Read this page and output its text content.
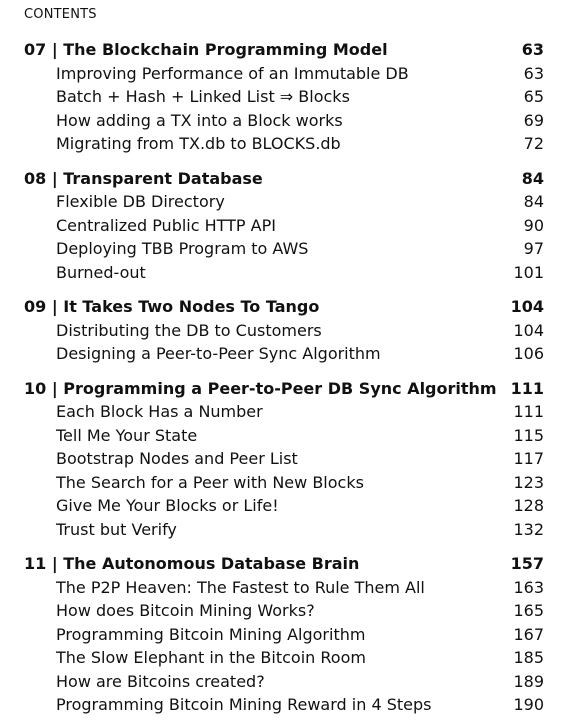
CONTENTS
07 | The Blockchain Programming Model	63
Improving Performance of an Immutable DB	63
Batch + Hash + Linked List ⇒ Blocks	65
How adding a TX into a Block works	69
Migrating from TX.db to BLOCKS.db	72
08 | Transparent Database	84
Flexible DB Directory	84
Centralized Public HTTP API	90
Deploying TBB Program to AWS	97
Burned-out	101
09 | It Takes Two Nodes To Tango	104
Distributing the DB to Customers	104
Designing a Peer-to-Peer Sync Algorithm	106
10 | Programming a Peer-to-Peer DB Sync Algorithm 111
Each Block Has a Number	111
Tell Me Your State	115
Bootstrap Nodes and Peer List	117
The Search for a Peer with New Blocks	123
Give Me Your Blocks or Life!	128
Trust but Verify	132
11 | The Autonomous Database Brain	157
The P2P Heaven: The Fastest to Rule Them All	163
How does Bitcoin Mining Works?	165
Programming Bitcoin Mining Algorithm	167
The Slow Elephant in the Bitcoin Room	185
How are Bitcoins created?	189
Programming Bitcoin Mining Reward in 4 Steps	190
